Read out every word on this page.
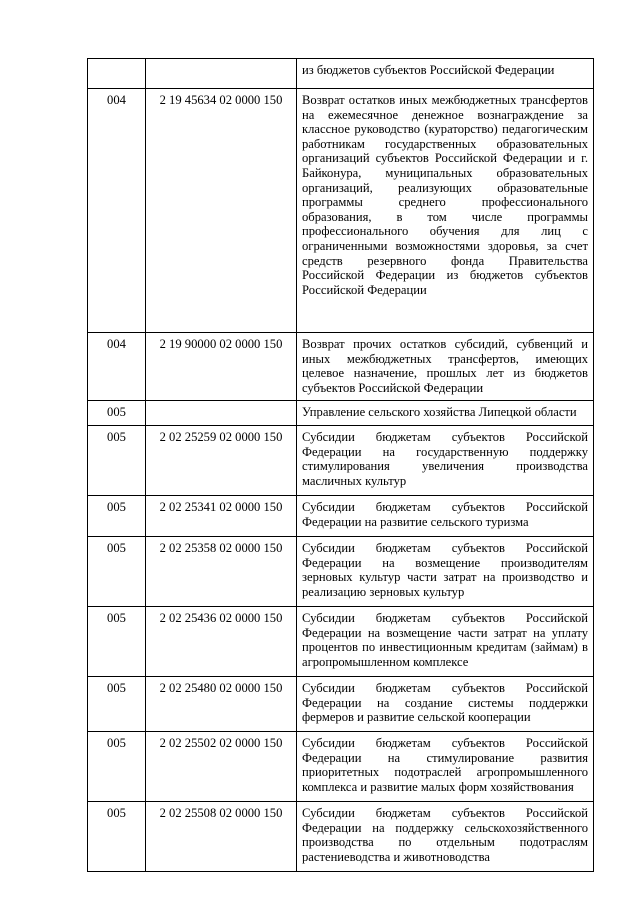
		из бюджетов субъектов Российской Федерации
004	2 19 45634 02 0000 150	Возврат остатков иных межбюджетных трансфертов на ежемесячное денежное вознаграждение за классное руководство (кураторство) педагогическим работникам государственных образовательных организаций субъектов Российской Федерации и г. Байконура, муниципальных образовательных организаций, реализующих образовательные программы среднего профессионального образования, в том числе программы профессионального обучения для лиц с ограниченными возможностями здоровья, за счет средств резервного фонда Правительства Российской Федерации из бюджетов субъектов Российской Федерации
004	2 19 90000 02 0000 150	Возврат прочих остатков субсидий, субвенций и иных межбюджетных трансфертов, имеющих целевое назначение, прошлых лет из бюджетов субъектов Российской Федерации
005		Управление сельского хозяйства Липецкой области
005	2 02 25259 02 0000 150	Субсидии бюджетам субъектов Российской Федерации на государственную поддержку стимулирования увеличения производства масличных культур
005	2 02 25341 02 0000 150	Субсидии бюджетам субъектов Российской Федерации на развитие сельского туризма
005	2 02 25358 02 0000 150	Субсидии бюджетам субъектов Российской Федерации на возмещение производителям зерновых культур части затрат на производство и реализацию зерновых культур
005	2 02 25436 02 0000 150	Субсидии бюджетам субъектов Российской Федерации на возмещение части затрат на уплату процентов по инвестиционным кредитам (займам) в агропромышленном комплексе
005	2 02 25480 02 0000 150	Субсидии бюджетам субъектов Российской Федерации на создание системы поддержки фермеров и развитие сельской кооперации
005	2 02 25502 02 0000 150	Субсидии бюджетам субъектов Российской Федерации на стимулирование развития приоритетных подотраслей агропромышленного комплекса и развитие малых форм хозяйствования
005	2 02 25508 02 0000 150	Субсидии бюджетам субъектов Российской Федерации на поддержку сельскохозяйственного производства по отдельным подотраслям растениеводства и животноводства
